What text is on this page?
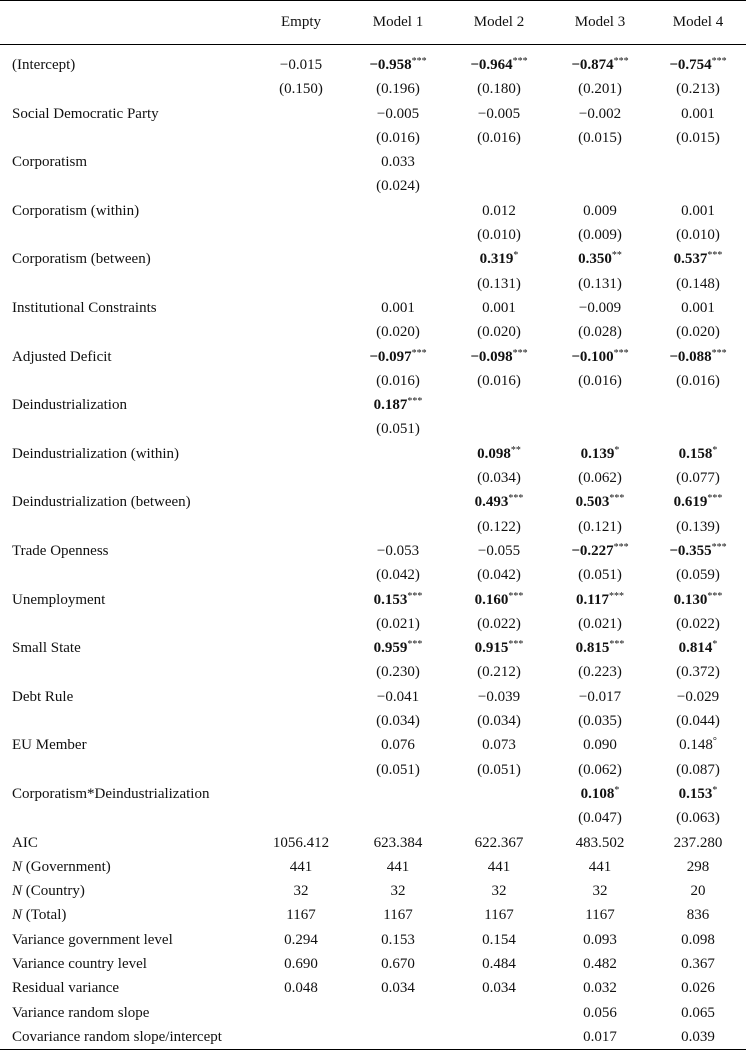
	Empty	Model 1	Model 2	Model 3	Model 4

(Intercept)	−0.015	−0.958***	−0.964***	−0.874***	−0.754***
	(0.150)	(0.196)	(0.180)	(0.201)	(0.213)
Social Democratic Party		−0.005	−0.005	−0.002	0.001
		(0.016)	(0.016)	(0.015)	(0.015)
Corporatism		0.033			
		(0.024)			
Corporatism (within)			0.012	0.009	0.001
			(0.010)	(0.009)	(0.010)
Corporatism (between)			0.319*	0.350**	0.537***
			(0.131)	(0.131)	(0.148)
Institutional Constraints		0.001	0.001	−0.009	0.001
		(0.020)	(0.020)	(0.028)	(0.020)
Adjusted Deficit		−0.097***	−0.098***	−0.100***	−0.088***
		(0.016)	(0.016)	(0.016)	(0.016)
Deindustrialization		0.187***			
		(0.051)			
Deindustrialization (within)			0.098**	0.139*	0.158*
			(0.034)	(0.062)	(0.077)
Deindustrialization (between)			0.493***	0.503***	0.619***
			(0.122)	(0.121)	(0.139)
Trade Openness		−0.053	−0.055	−0.227***	−0.355***
		(0.042)	(0.042)	(0.051)	(0.059)
Unemployment		0.153***	0.160***	0.117***	0.130***
		(0.021)	(0.022)	(0.021)	(0.022)
Small State		0.959***	0.915***	0.815***	0.814*
		(0.230)	(0.212)	(0.223)	(0.372)
Debt Rule		−0.041	−0.039	−0.017	−0.029
		(0.034)	(0.034)	(0.035)	(0.044)
EU Member		0.076	0.073	0.090	0.148°
		(0.051)	(0.051)	(0.062)	(0.087)
Corporatism*Deindustrialization				0.108*	0.153*
				(0.047)	(0.063)
AIC	1056.412	623.384	622.367	483.502	237.280
N (Government)	441	441	441	441	298
N (Country)	32	32	32	32	20
N (Total)	1167	1167	1167	1167	836
Variance government level	0.294	0.153	0.154	0.093	0.098
Variance country level	0.690	0.670	0.484	0.482	0.367
Residual variance	0.048	0.034	0.034	0.032	0.026
Variance random slope				0.056	0.065
Covariance random slope/intercept				0.017	0.039
